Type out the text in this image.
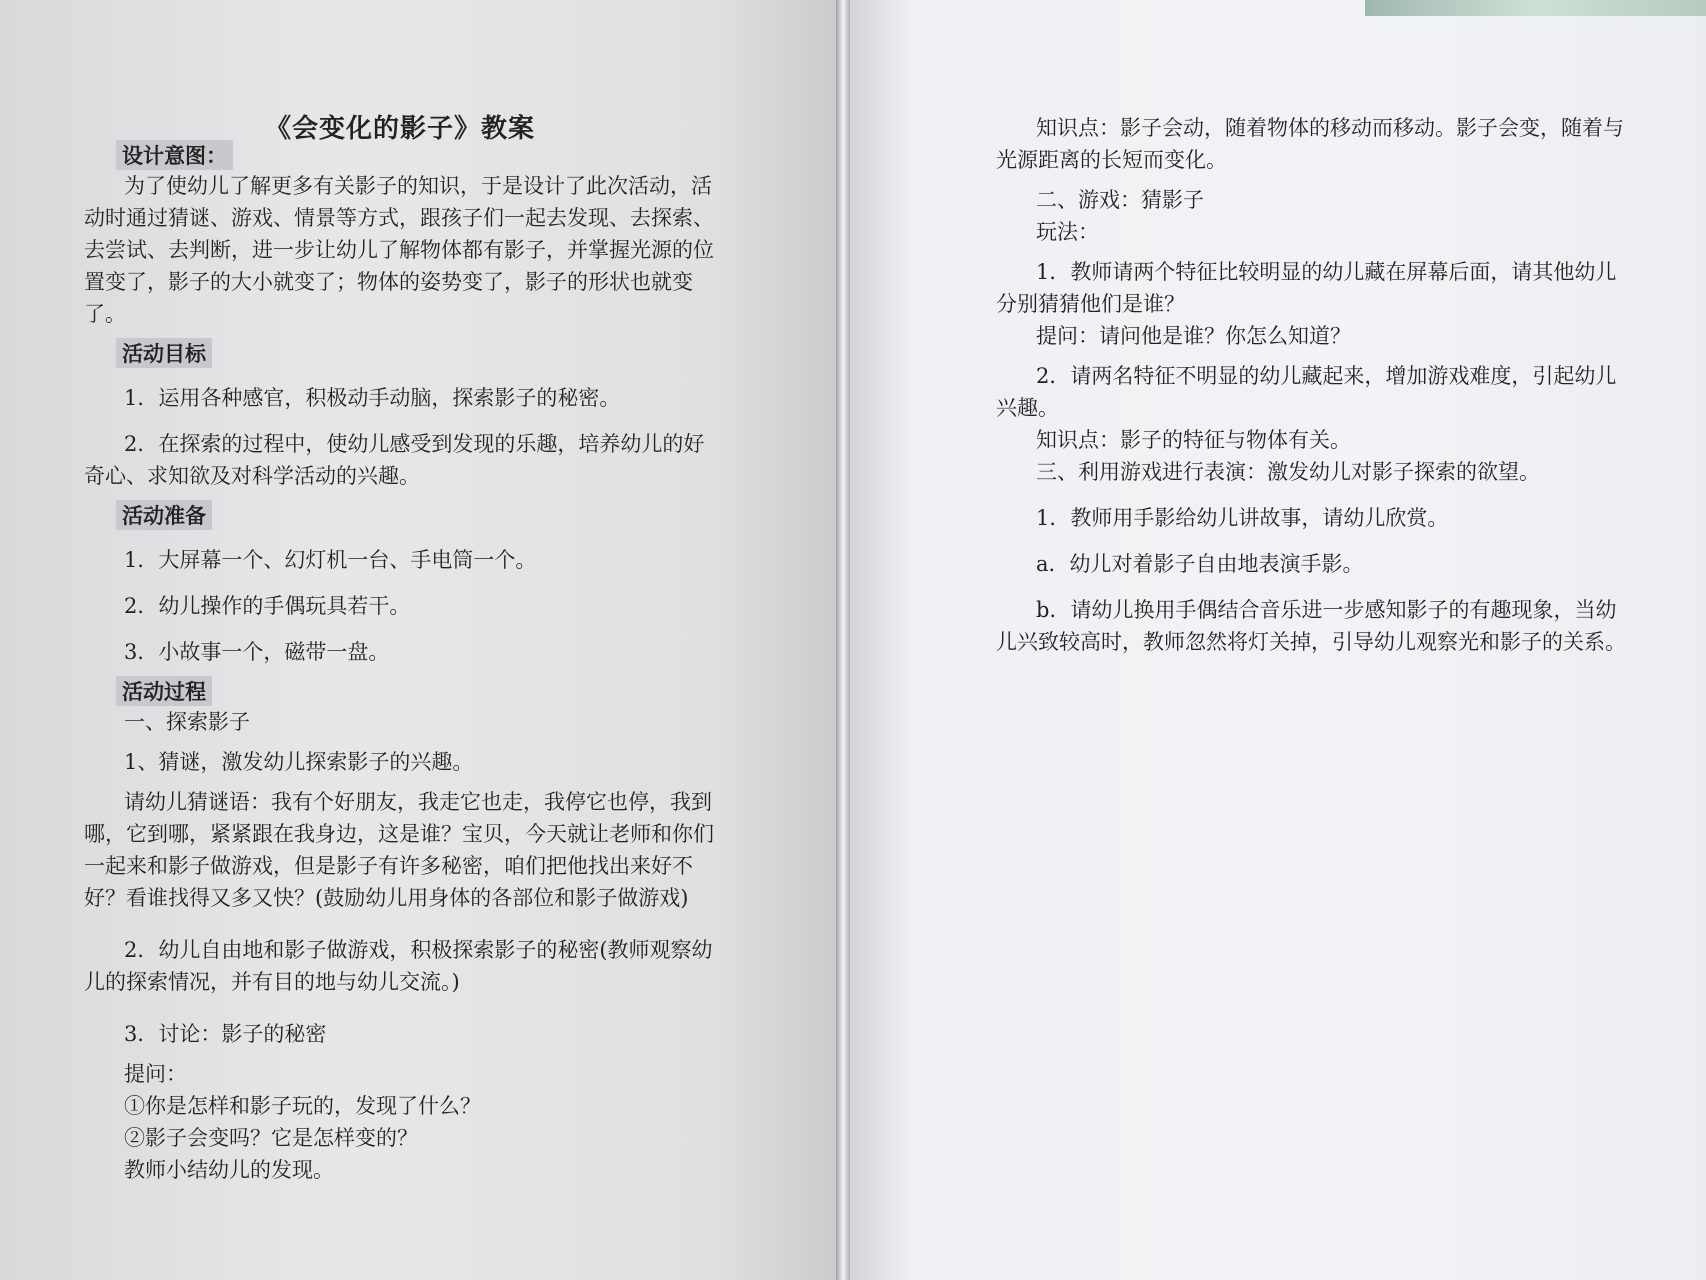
《会变化的影子》教案
设计意图：

为了使幼儿了解更多有关影子的知识，于是设计了此次活动，活动时通过猜谜、游戏、情景等方式，跟孩子们一起去发现、去探索、去尝试、去判断，进一步让幼儿了解物体都有影子，并掌握光源的位置变了，影子的大小就变了；物体的姿势变了，影子的形状也就变了。

活动目标

1．运用各种感官，积极动手动脑，探索影子的秘密。

2．在探索的过程中，使幼儿感受到发现的乐趣，培养幼儿的好奇心、求知欲及对科学活动的兴趣。

活动准备

1．大屏幕一个、幻灯机一台、手电筒一个。

2．幼儿操作的手偶玩具若干。

3．小故事一个，磁带一盘。

活动过程

一、探索影子

1、猜谜，激发幼儿探索影子的兴趣。

请幼儿猜谜语：我有个好朋友，我走它也走，我停它也停，我到哪，它到哪，紧紧跟在我身边，这是谁？宝贝，今天就让老师和你们一起来和影子做游戏，但是影子有许多秘密，咱们把他找出来好不好？看谁找得又多又快？(鼓励幼儿用身体的各部位和影子做游戏)

2．幼儿自由地和影子做游戏，积极探索影子的秘密(教师观察幼儿的探索情况，并有目的地与幼儿交流。)

3．讨论：影子的秘密

提问：

①你是怎样和影子玩的，发现了什么？

②影子会变吗？它是怎样变的？

教师小结幼儿的发现。

知识点：影子会动，随着物体的移动而移动。影子会变，随着与光源距离的长短而变化。

二、游戏：猜影子

玩法：

1．教师请两个特征比较明显的幼儿藏在屏幕后面，请其他幼儿分别猜猜他们是谁？

提问：请问他是谁？你怎么知道？

2．请两名特征不明显的幼儿藏起来，增加游戏难度，引起幼儿兴趣。

知识点：影子的特征与物体有关。

三、利用游戏进行表演：激发幼儿对影子探索的欲望。

1．教师用手影给幼儿讲故事，请幼儿欣赏。

a．幼儿对着影子自由地表演手影。

b．请幼儿换用手偶结合音乐进一步感知影子的有趣现象，当幼儿兴致较高时，教师忽然将灯关掉，引导幼儿观察光和影子的关系。
